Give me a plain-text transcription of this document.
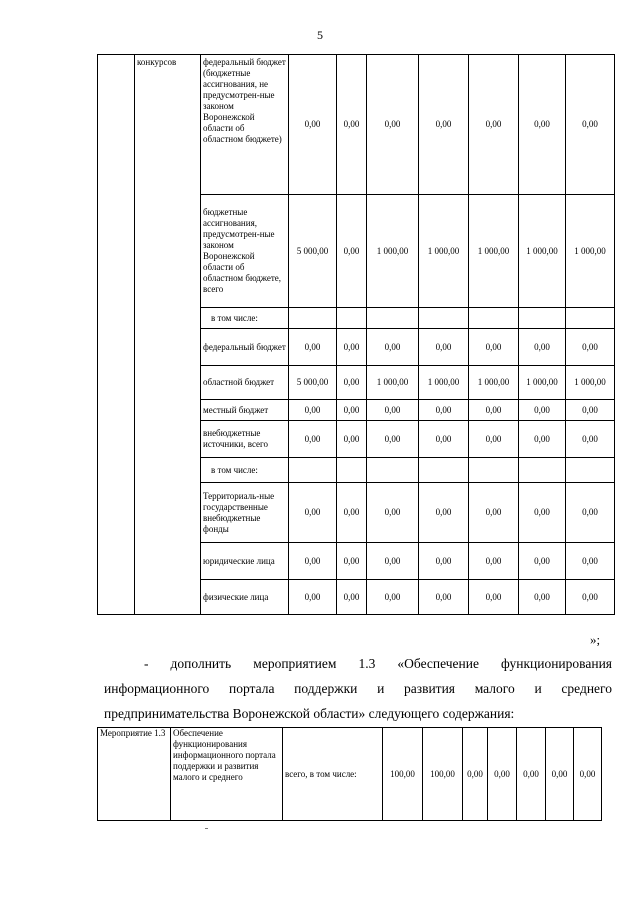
5
	конкурсов	федеральный бюджет (бюджетные ассигнования, не предусмотрен-ные законом Воронежской области об областном бюджете)	0,00	0,00	0,00	0,00	0,00	0,00	0,00
		бюджетные ассигнования, предусмотрен-ные законом Воронежской области об областном бюджете, всего	5 000,00	0,00	1 000,00	1 000,00	1 000,00	1 000,00	1 000,00
		в том числе:							
		федеральный бюджет	0,00	0,00	0,00	0,00	0,00	0,00	0,00
		областной бюджет	5 000,00	0,00	1 000,00	1 000,00	1 000,00	1 000,00	1 000,00
		местный бюджет	0,00	0,00	0,00	0,00	0,00	0,00	0,00
		внебюджетные источники, всего	0,00	0,00	0,00	0,00	0,00	0,00	0,00
		в том числе:							
		Территориаль-ные государственные внебюджетные фонды	0,00	0,00	0,00	0,00	0,00	0,00	0,00
		юридические лица	0,00	0,00	0,00	0,00	0,00	0,00	0,00
		физические лица	0,00	0,00	0,00	0,00	0,00	0,00	0,00
»;
- дополнить мероприятием 1.3 «Обеспечение функционирования
информационного портала поддержки и развития малого и среднего
предпринимательства Воронежской области» следующего содержания:
Мероприятие 1.3	Обеспечение функционирования информационного портала поддержки и развития малого и среднего	всего, в том числе:	100,00	100,00	0,00	0,00	0,00	0,00	0,00
